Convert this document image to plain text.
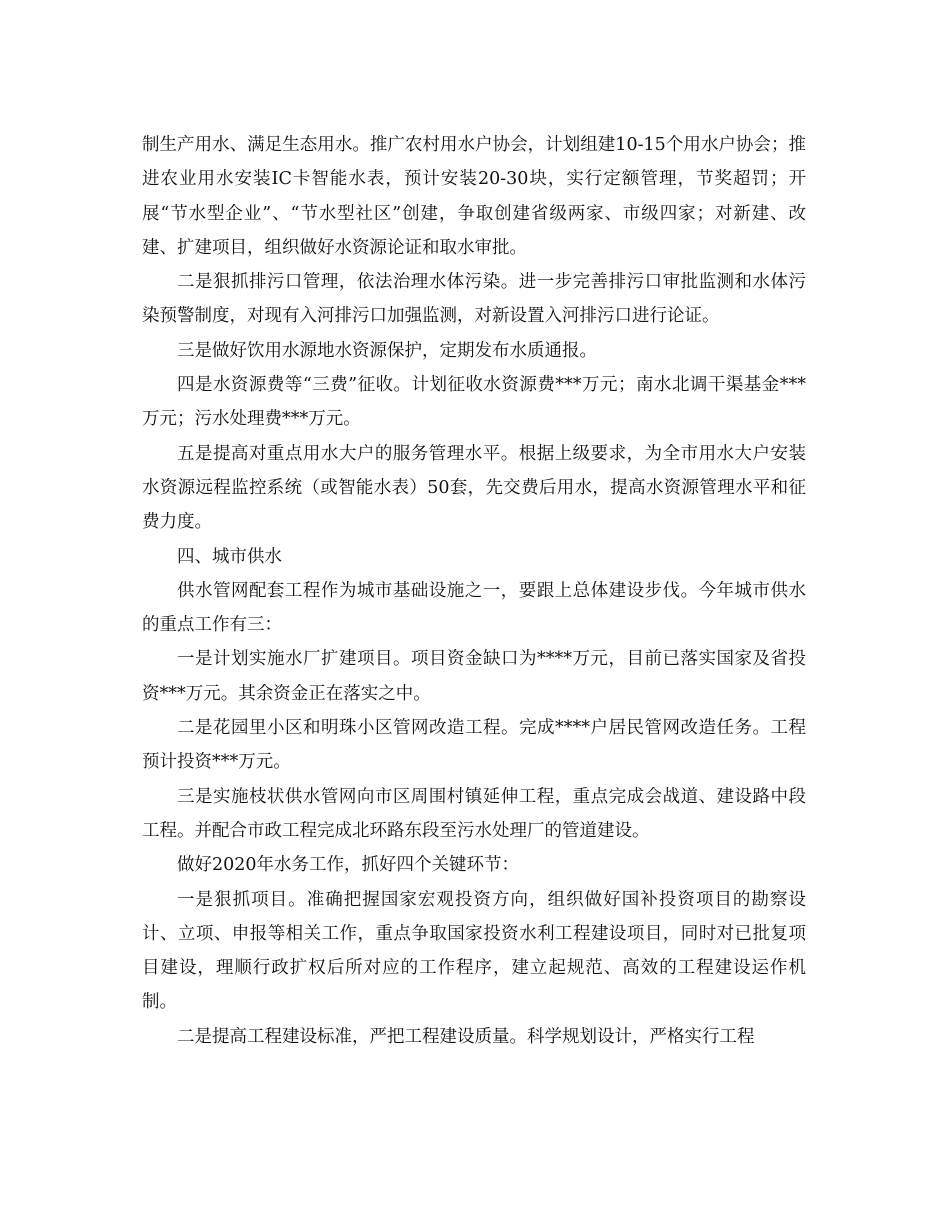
制生产用水、满足生态用水。推广农村用水户协会，计划组建10-15个用水户协会；推进农业用水安装IC卡智能水表，预计安装20-30块，实行定额管理，节奖超罚；开展“节水型企业”、“节水型社区”创建，争取创建省级两家、市级四家；对新建、改建、扩建项目，组织做好水资源论证和取水审批。

二是狠抓排污口管理，依法治理水体污染。进一步完善排污口审批监测和水体污染预警制度，对现有入河排污口加强监测，对新设置入河排污口进行论证。

三是做好饮用水源地水资源保护，定期发布水质通报。

四是水资源费等“三费”征收。计划征收水资源费***万元；南水北调干渠基金***万元；污水处理费***万元。

五是提高对重点用水大户的服务管理水平。根据上级要求，为全市用水大户安装水资源远程监控系统（或智能水表）50套，先交费后用水，提高水资源管理水平和征费力度。

四、城市供水

供水管网配套工程作为城市基础设施之一，要跟上总体建设步伐。今年城市供水的重点工作有三：

一是计划实施水厂扩建项目。项目资金缺口为****万元，目前已落实国家及省投资***万元。其余资金正在落实之中。

二是花园里小区和明珠小区管网改造工程。完成****户居民管网改造任务。工程预计投资***万元。

三是实施枝状供水管网向市区周围村镇延伸工程，重点完成会战道、建设路中段工程。并配合市政工程完成北环路东段至污水处理厂的管道建设。

做好2020年水务工作，抓好四个关键环节：

一是狠抓项目。准确把握国家宏观投资方向，组织做好国补投资项目的勘察设计、立项、申报等相关工作，重点争取国家投资水利工程建设项目，同时对已批复项目建设，理顺行政扩权后所对应的工作程序，建立起规范、高效的工程建设运作机制。

二是提高工程建设标准，严把工程建设质量。科学规划设计，严格实行工程
